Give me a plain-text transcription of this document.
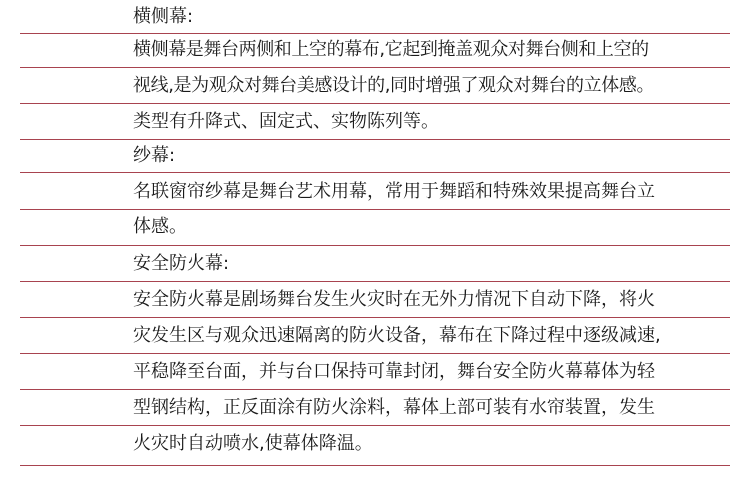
横侧幕:
横侧幕是舞台两侧和上空的幕布,它起到掩盖观众对舞台侧和上空的
视线,是为观众对舞台美感设计的,同时增强了观众对舞台的立体感。
类型有升降式、固定式、实物陈列等。
纱幕:
名联窗帘纱幕是舞台艺术用幕，常用于舞蹈和特殊效果提高舞台立
体感。
安全防火幕:
安全防火幕是剧场舞台发生火灾时在无外力情况下自动下降，将火
灾发生区与观众迅速隔离的防火设备，幕布在下降过程中逐级减速,
平稳降至台面，并与台口保持可靠封闭，舞台安全防火幕幕体为轻
型钢结构，正反面涂有防火涂料，幕体上部可装有水帘装置，发生
火灾时自动喷水,使幕体降温。
